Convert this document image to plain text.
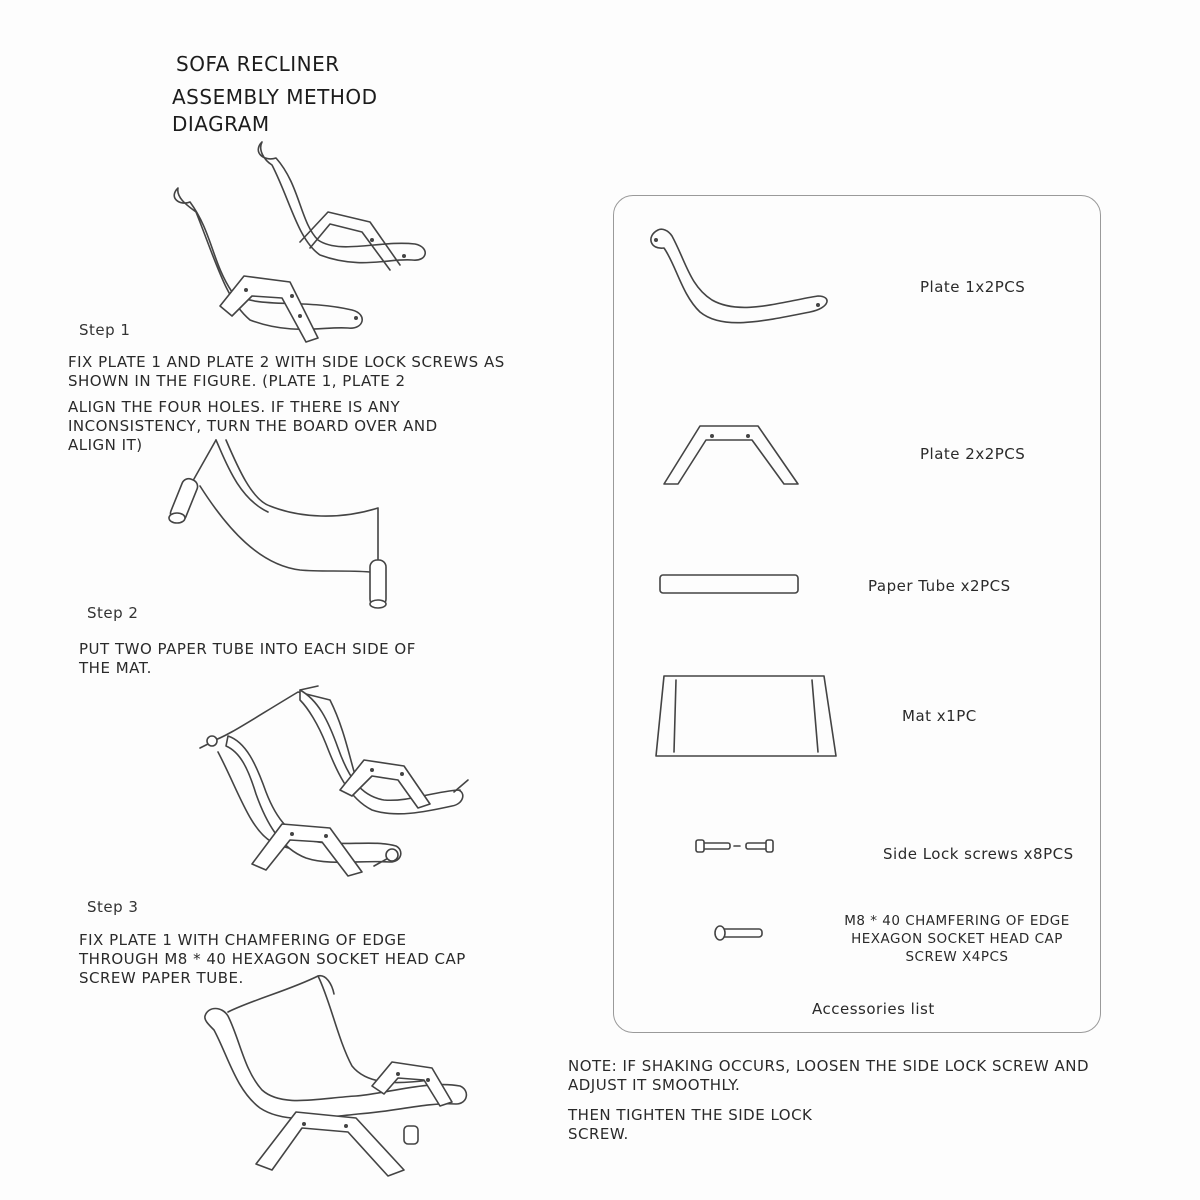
SOFA RECLINER
ASSEMBLY METHOD
DIAGRAM
Step 1
FIX PLATE 1 AND PLATE 2 WITH SIDE LOCK SCREWS AS
SHOWN IN THE FIGURE. (PLATE 1, PLATE 2
ALIGN THE FOUR HOLES. IF THERE IS ANY
INCONSISTENCY, TURN THE BOARD OVER AND
ALIGN IT)
Step 2
PUT TWO PAPER TUBE INTO EACH SIDE OF
THE MAT.
Step 3
FIX PLATE 1 WITH CHAMFERING OF EDGE
THROUGH M8 * 40 HEXAGON SOCKET HEAD CAP
SCREW PAPER TUBE.
Plate 1x2PCS
Plate 2x2PCS
Paper Tube x2PCS
Mat x1PC
Side Lock screws x8PCS
M8 * 40 CHAMFERING OF EDGE
HEXAGON SOCKET HEAD CAP
SCREW X4PCS
Accessories list
NOTE: IF SHAKING OCCURS, LOOSEN THE SIDE LOCK SCREW AND
ADJUST IT SMOOTHLY.
THEN TIGHTEN THE SIDE LOCK
SCREW.
